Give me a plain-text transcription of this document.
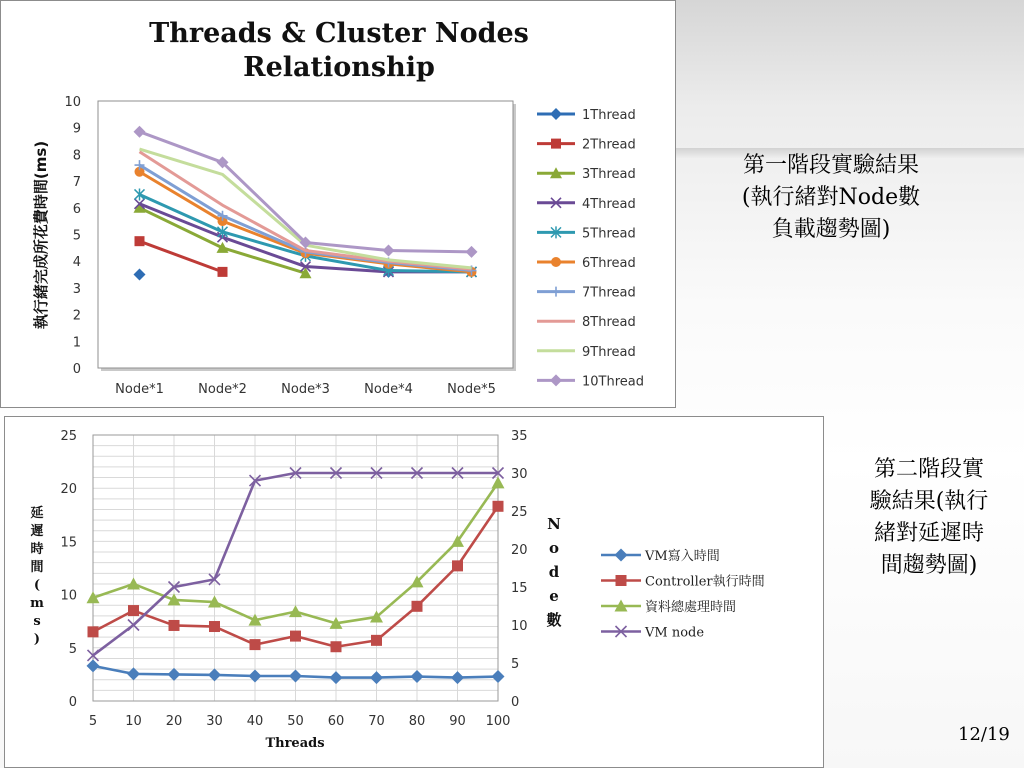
Threads & Cluster Nodes
Relationship
0
1
2
3
4
5
6
7
8
9
10
Node*1	Node*2	Node*3	Node*4	Node*5
執行緒完成所花費時間(ms)
1Thread
2Thread
3Thread
4Thread
5Thread
6Thread
7Thread
8Thread
9Thread
10Thread
0
5
10
15
20
25
0
5
10
15
20
25
30
35
5 10 20 30 40 50 60 70 80 90 100
Threads
延
遲
時
間
(
m
s
)
N
o
d
e
數
VM寫入時間
Controller執行時間
資料總處理時間
VM node
第一階段實驗結果
(執行緒對Node數
負載趨勢圖)
第二階段實
驗結果(執行
緒對延遲時
間趨勢圖)
12/19
